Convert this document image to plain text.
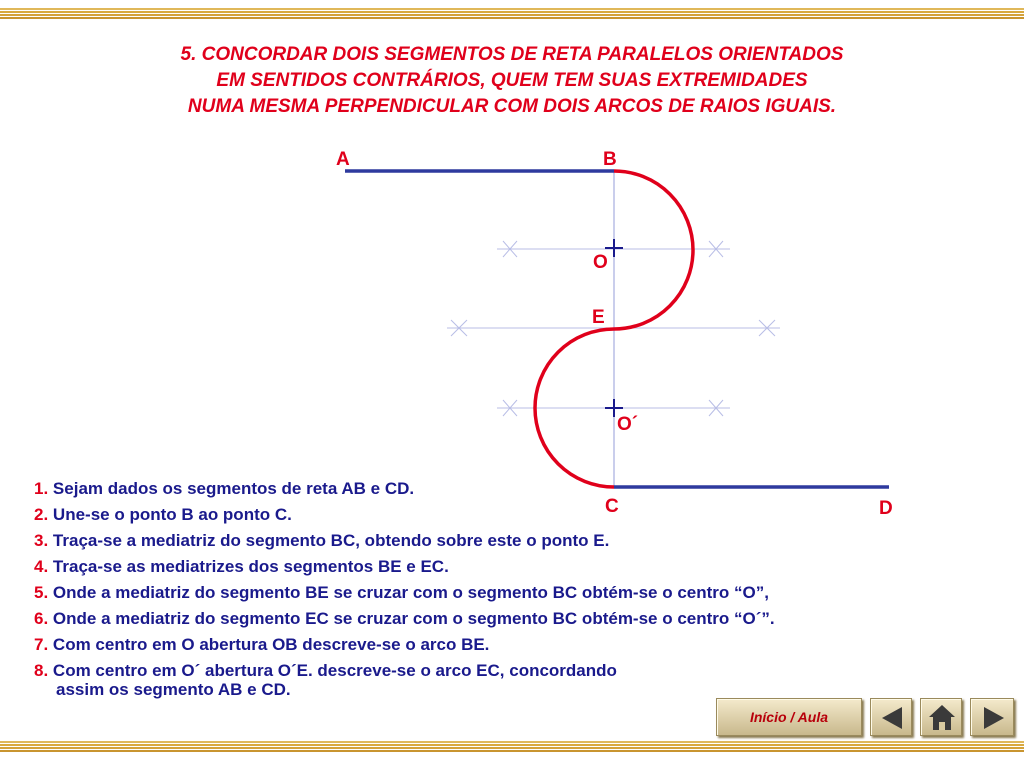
5. CONCORDAR DOIS SEGMENTOS DE RETA PARALELOS ORIENTADOS
EM SENTIDOS CONTRÁRIOS, QUEM TEM SUAS EXTREMIDADES
NUMA MESMA PERPENDICULAR COM DOIS ARCOS DE RAIOS IGUAIS.
A	B
O
E
O´
C	D
1. Sejam dados os segmentos de reta AB e CD.
2. Une-se o ponto B ao ponto C.
3. Traça-se a mediatriz do segmento BC, obtendo sobre este o ponto E.
4. Traça-se as mediatrizes dos segmentos BE e EC.
5. Onde a mediatriz do segmento BE se cruzar com o segmento BC obtém-se o centro “O”,
6. Onde a mediatriz do segmento EC se cruzar com o segmento BC obtém-se o centro “O´”.
7. Com centro em O abertura OB descreve-se o arco BE.
8. Com centro em O´ abertura O´E. descreve-se o arco EC, concordando
assim os segmento AB e CD.
Início / Aula
